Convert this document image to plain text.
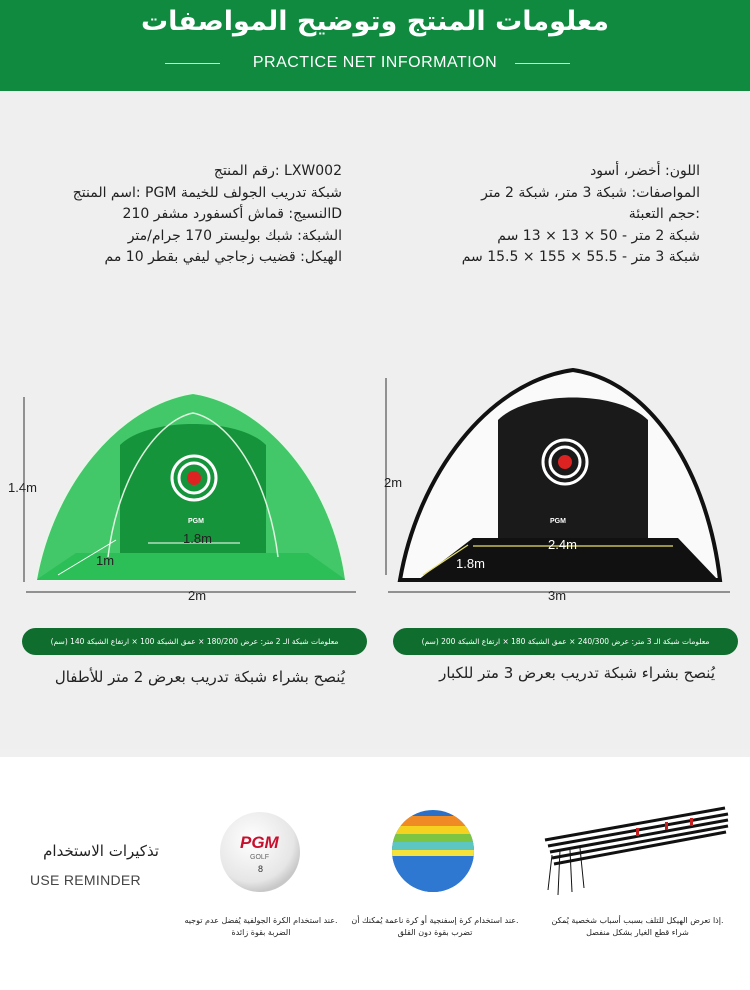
معلومات المنتج وتوضيح المواصفات
PRACTICE NET INFORMATION
LXW002 :رقم المنتج
شبكة تدريب الجولف للخيمة PGM :اسم المنتج
Dالنسيج: قماش أكسفورد مشفر 210
الشبكة: شبك بوليستر 170 جرام/متر
الهيكل: قضيب زجاجي ليفي بقطر 10 مم
اللون: أخضر، أسود
المواصفات: شبكة 3 متر، شبكة 2 متر
:حجم التعبئة
شبكة 2 متر - 50 × 13 × 13 سم
شبكة 3 متر - 55.5 × 155 × 15.5 سم
PGM
1.8m
1m
1.4m
2m
PGM
2.4m
1.8m
2m
3m
معلومات شبكة الـ 2 متر: عرض 180/200 × عمق الشبكة 100 × ارتفاع الشبكة 140 (سم)	معلومات شبكة الـ 3 متر: عرض 240/300 × عمق الشبكة 180 × ارتفاع الشبكة 200 (سم)
يُنصح بشراء شبكة تدريب بعرض 2 متر للأطفال	يُنصح بشراء شبكة تدريب بعرض 3 متر للكبار
تذكيرات الاستخدام
USE REMINDER
PGM
GOLF
8
.عند استخدام الكرة الجولفية يُفضل عدم توجيه الضربة بقوة زائدة
.عند استخدام كرة إسفنجية أو كرة ناعمة يُمكنك أن تضرب بقوة دون القلق
.إذا تعرض الهيكل للتلف بسبب أسباب شخصية يُمكن شراء قطع الغيار بشكل منفصل
